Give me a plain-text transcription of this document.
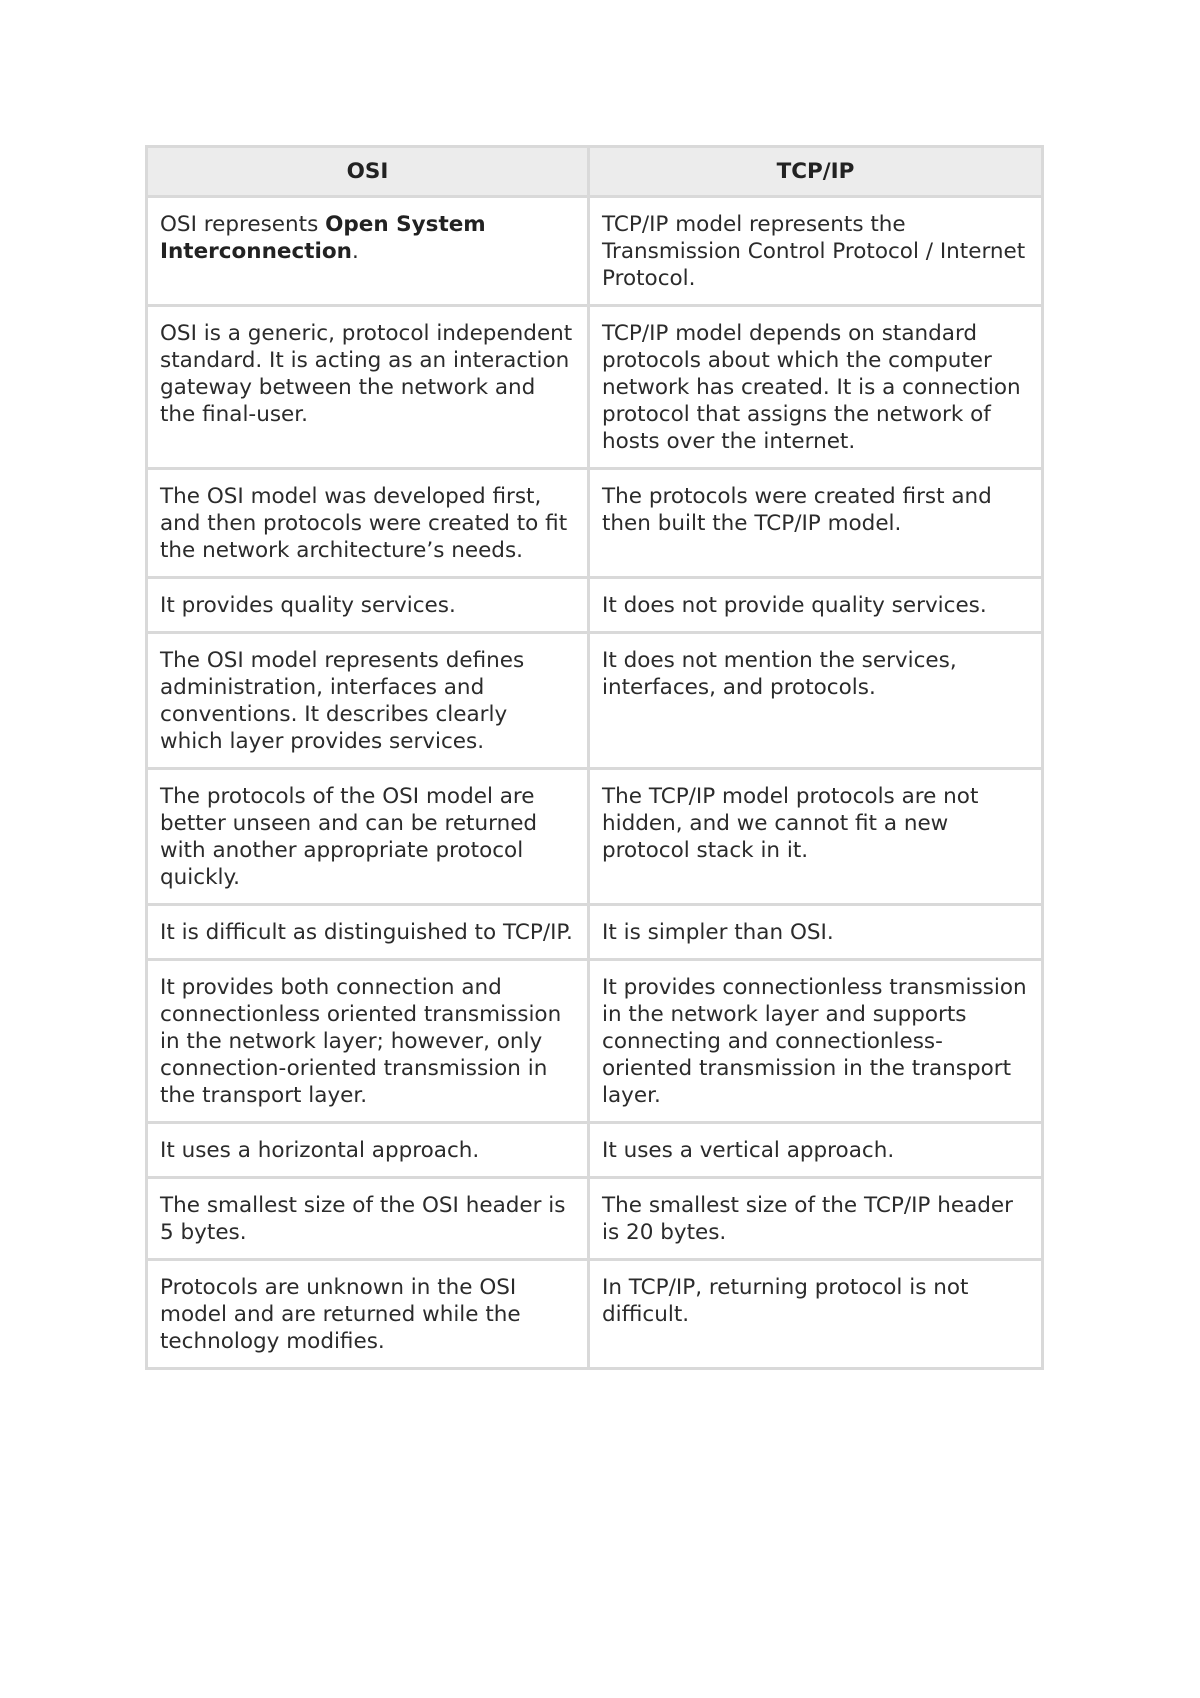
OSI	TCP/IP
OSI represents Open System Interconnection.	TCP/IP model represents the Transmission Control Protocol / Internet Protocol.
OSI is a generic, protocol independent standard. It is acting as an interaction gateway between the network and the final-user.	TCP/IP model depends on standard protocols about which the computer network has created. It is a connection protocol that assigns the network of hosts over the internet.
The OSI model was developed first, and then protocols were created to fit the network architecture’s needs.	The protocols were created first and then built the TCP/IP model.
It provides quality services.	It does not provide quality services.
The OSI model represents defines administration, interfaces and conventions. It describes clearly which layer provides services.	It does not mention the services, interfaces, and protocols.
The protocols of the OSI model are better unseen and can be returned with another appropriate protocol quickly.	The TCP/IP model protocols are not hidden, and we cannot fit a new protocol stack in it.
It is difficult as distinguished to TCP/IP.	It is simpler than OSI.
It provides both connection and connectionless oriented transmission in the network layer; however, only connection-oriented transmission in the transport layer.	It provides connectionless transmission in the network layer and supports connecting and connectionless-oriented transmission in the transport layer.
It uses a horizontal approach.	It uses a vertical approach.
The smallest size of the OSI header is 5 bytes.	The smallest size of the TCP/IP header is 20 bytes.
Protocols are unknown in the OSI model and are returned while the technology modifies.	In TCP/IP, returning protocol is not difficult.
